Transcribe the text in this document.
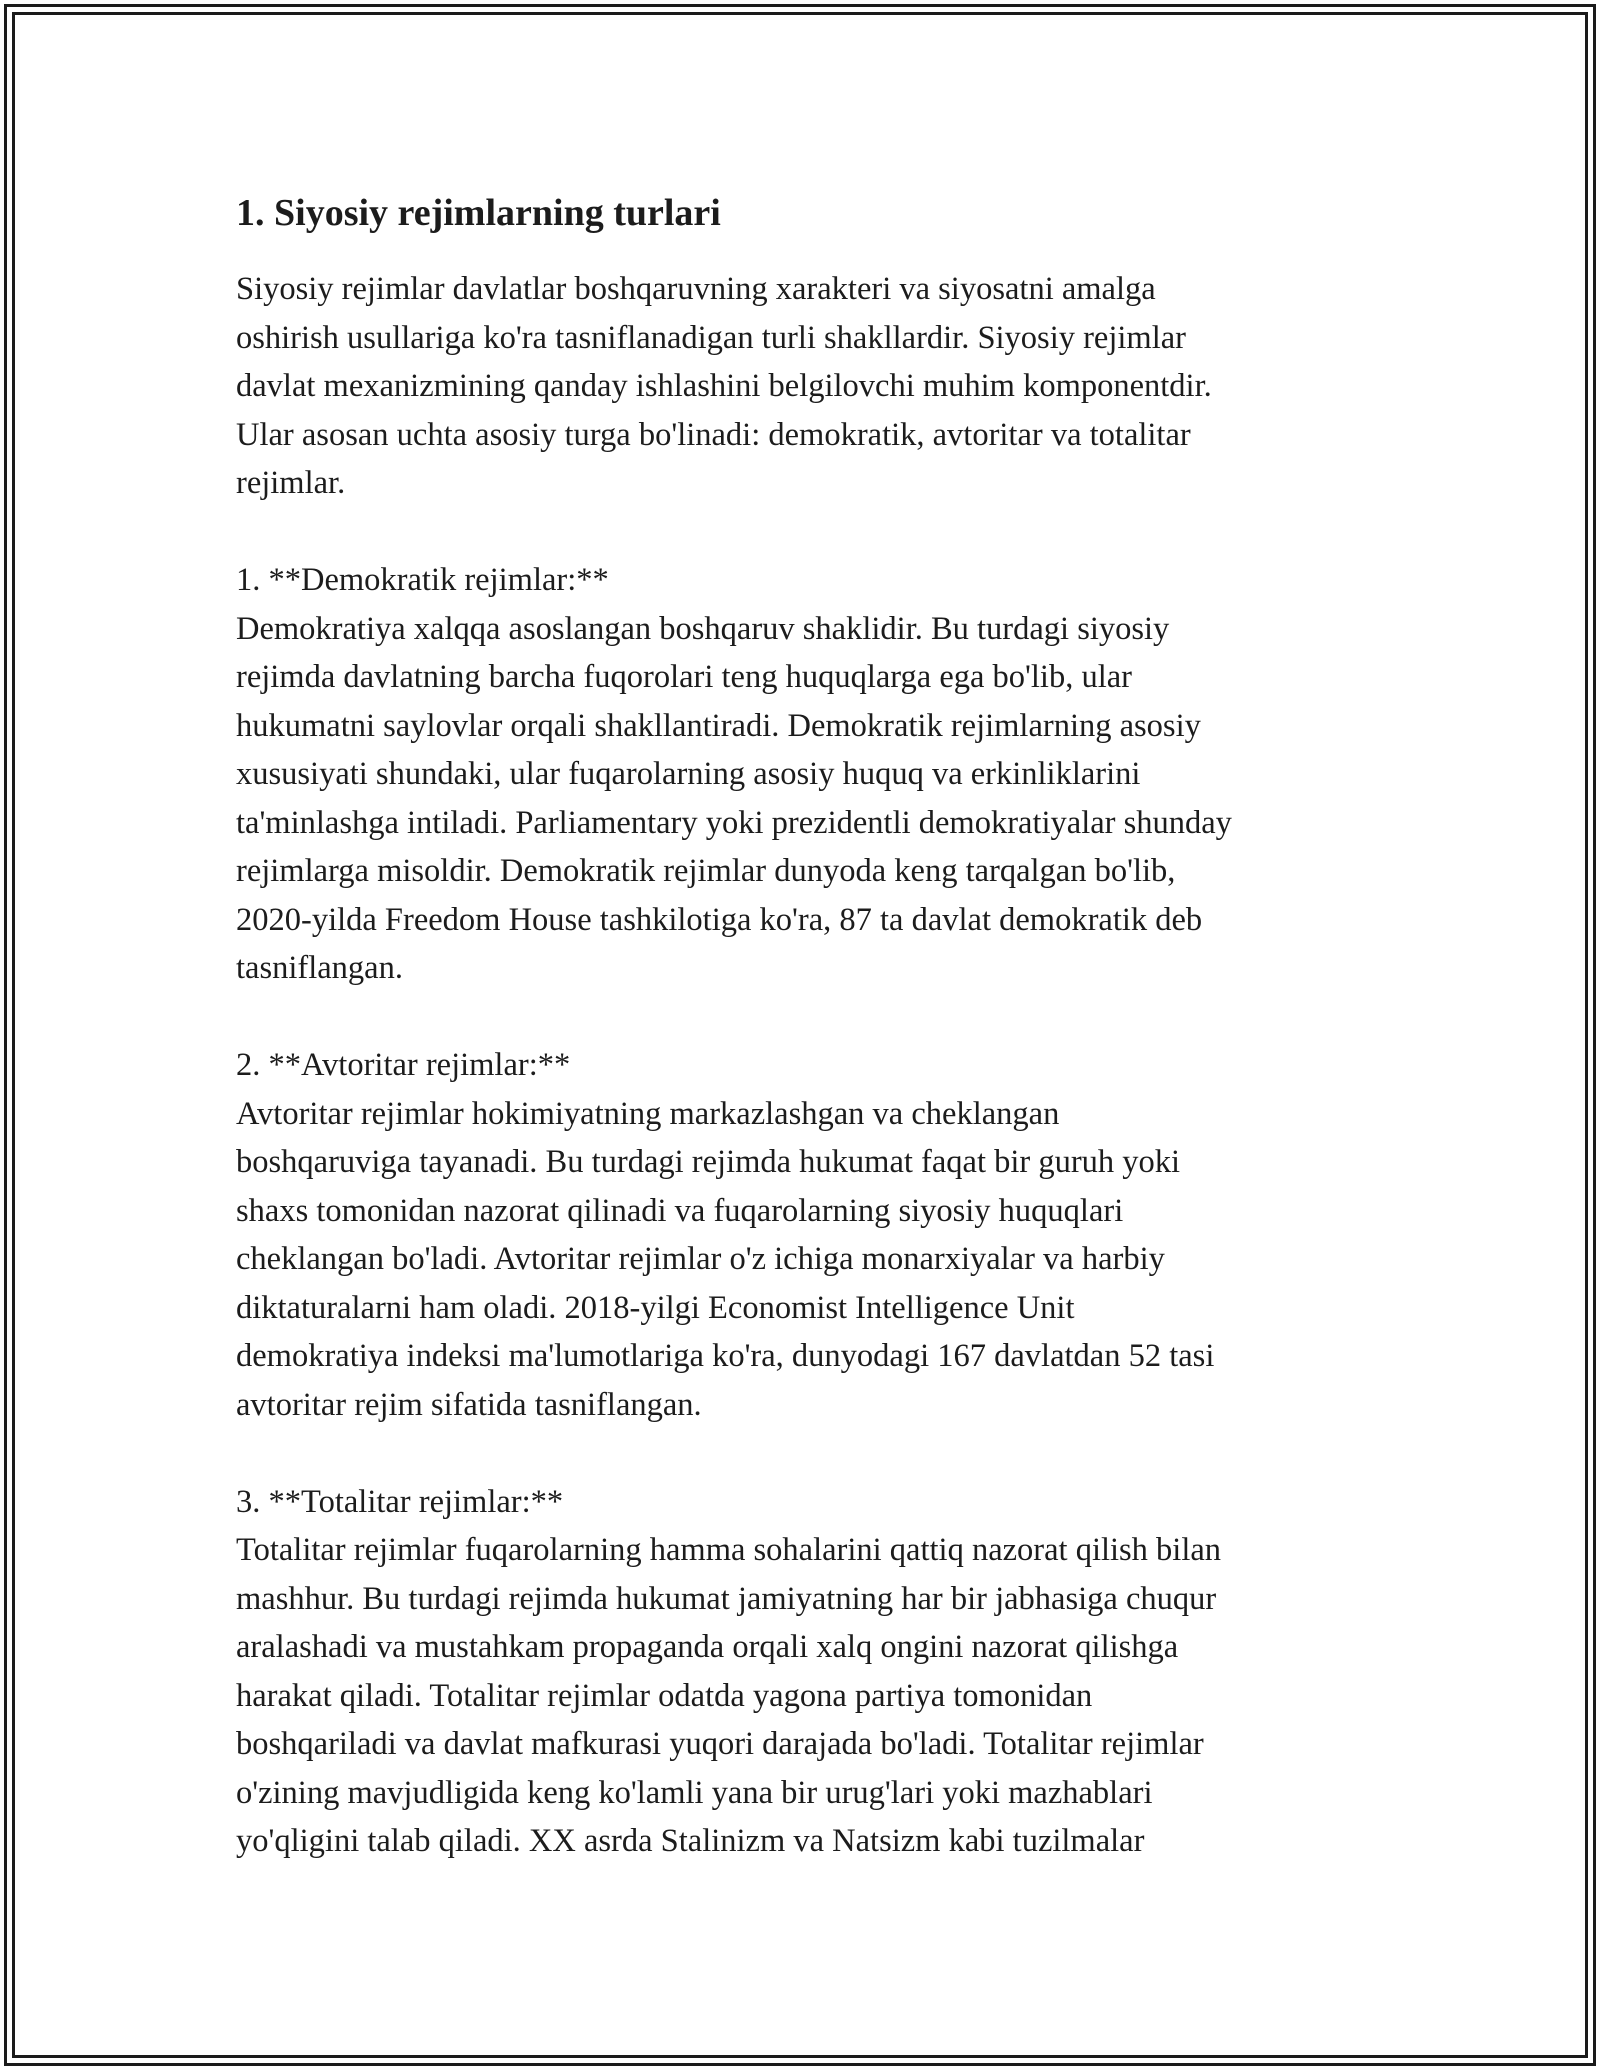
1. Siyosiy rejimlarning turlari

Siyosiy rejimlar davlatlar boshqaruvning xarakteri va siyosatni amalga
oshirish usullariga ko'ra tasniflanadigan turli shakllardir. Siyosiy rejimlar
davlat mexanizmining qanday ishlashini belgilovchi muhim komponentdir.
Ular asosan uchta asosiy turga bo'linadi: demokratik, avtoritar va totalitar
rejimlar.

1. **Demokratik rejimlar:**

Demokratiya xalqqa asoslangan boshqaruv shaklidir. Bu turdagi siyosiy
rejimda davlatning barcha fuqorolari teng huquqlarga ega bo'lib, ular
hukumatni saylovlar orqali shakllantiradi. Demokratik rejimlarning asosiy
xususiyati shundaki, ular fuqarolarning asosiy huquq va erkinliklarini
ta'minlashga intiladi. Parliamentary yoki prezidentli demokratiyalar shunday
rejimlarga misoldir. Demokratik rejimlar dunyoda keng tarqalgan bo'lib,
2020-yilda Freedom House tashkilotiga ko'ra, 87 ta davlat demokratik deb
tasniflangan.

2. **Avtoritar rejimlar:**

Avtoritar rejimlar hokimiyatning markazlashgan va cheklangan
boshqaruviga tayanadi. Bu turdagi rejimda hukumat faqat bir guruh yoki
shaxs tomonidan nazorat qilinadi va fuqarolarning siyosiy huquqlari
cheklangan bo'ladi. Avtoritar rejimlar o'z ichiga monarxiyalar va harbiy
diktaturalarni ham oladi. 2018-yilgi Economist Intelligence Unit
demokratiya indeksi ma'lumotlariga ko'ra, dunyodagi 167 davlatdan 52 tasi
avtoritar rejim sifatida tasniflangan.

3. **Totalitar rejimlar:**

Totalitar rejimlar fuqarolarning hamma sohalarini qattiq nazorat qilish bilan
mashhur. Bu turdagi rejimda hukumat jamiyatning har bir jabhasiga chuqur
aralashadi va mustahkam propaganda orqali xalq ongini nazorat qilishga
harakat qiladi. Totalitar rejimlar odatda yagona partiya tomonidan
boshqariladi va davlat mafkurasi yuqori darajada bo'ladi. Totalitar rejimlar
o'zining mavjudligida keng ko'lamli yana bir urug'lari yoki mazhablari
yo'qligini talab qiladi. XX asrda Stalinizm va Natsizm kabi tuzilmalar
